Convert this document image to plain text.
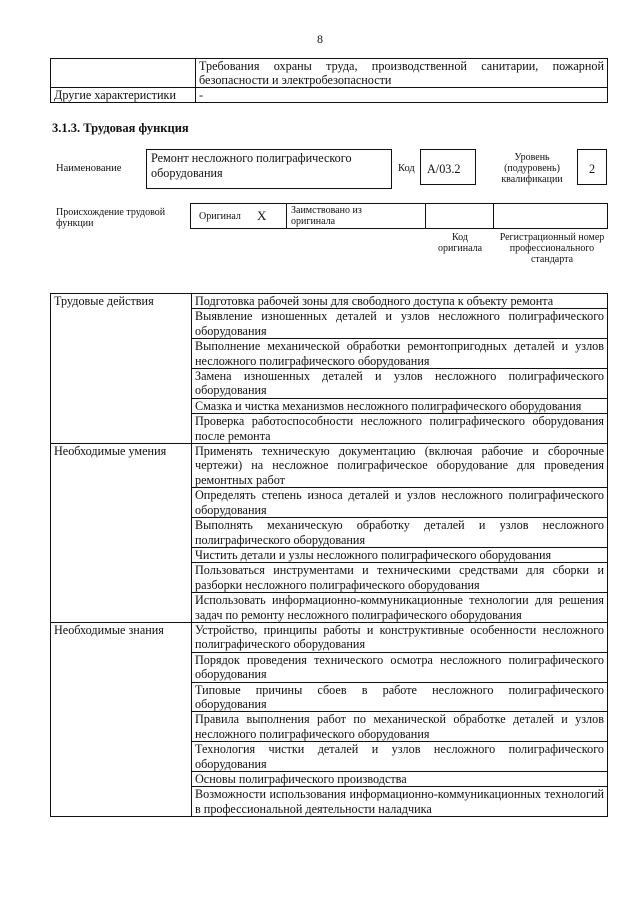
8
	Требования охраны труда, производственной санитарии, пожарной безопасности и электробезопасности
Другие характеристики	-
3.1.3. Трудовая функция
Наименование
Ремонт несложного полиграфического оборудования	Код	А/03.2
Уровень (подуровень) квалификации
2
Происхождение трудовой функции
Оригинал X Заимствовано из оригинала
Код оригинала
Регистрационный номер профессионального стандарта
Трудовые действия	Подготовка рабочей зоны для свободного доступа к объекту ремонта
	Выявление изношенных деталей и узлов несложного полиграфического оборудования
	Выполнение механической обработки ремонтопригодных деталей и узлов несложного полиграфического оборудования
	Замена изношенных деталей и узлов несложного полиграфического оборудования
	Смазка и чистка механизмов несложного полиграфического оборудования
	Проверка работоспособности несложного полиграфического оборудования после ремонта
Необходимые умения	Применять техническую документацию (включая рабочие и сборочные чертежи) на несложное полиграфическое оборудование для проведения ремонтных работ
	Определять степень износа деталей и узлов несложного полиграфического оборудования
	Выполнять механическую обработку деталей и узлов несложного полиграфического оборудования
	Чистить детали и узлы несложного полиграфического оборудования
	Пользоваться инструментами и техническими средствами для сборки и разборки несложного полиграфического оборудования
	Использовать информационно-коммуникационные технологии для решения задач по ремонту несложного полиграфического оборудования
Необходимые знания	Устройство, принципы работы и конструктивные особенности несложного полиграфического оборудования
	Порядок проведения технического осмотра несложного полиграфического оборудования
	Типовые причины сбоев в работе несложного полиграфического оборудования
	Правила выполнения работ по механической обработке деталей и узлов несложного полиграфического оборудования
	Технология чистки деталей и узлов несложного полиграфического оборудования
	Основы полиграфического производства
	Возможности использования информационно-коммуникационных технологий в профессиональной деятельности наладчика
